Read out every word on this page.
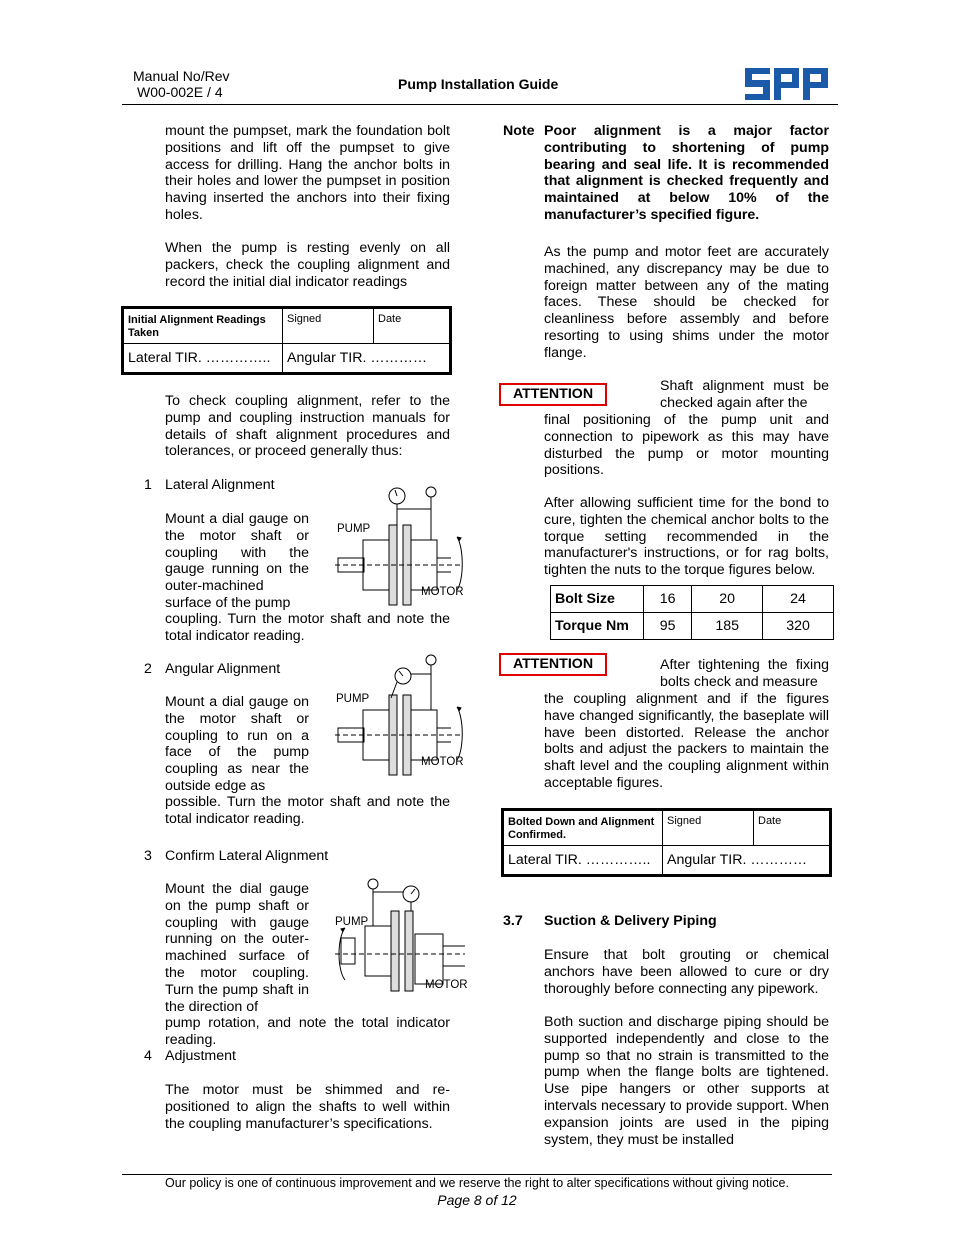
Manual No/Rev
W00-002E / 4	Pump Installation Guide

mount the pumpset, mark the foundation bolt positions and lift off the pumpset to give access for drilling. Hang the anchor bolts in their holes and lower the pumpset in position having inserted the anchors into their fixing holes.

When the pump is resting evenly on all packers, check the coupling alignment and record the initial dial indicator readings

Initial Alignment Readings Taken	Signed	Date
Lateral TIR. …………..	Angular TIR. …………	

To check coupling alignment, refer to the pump and coupling instruction manuals for details of shaft alignment procedures and tolerances, or proceed generally thus:

1 Lateral Alignment

Mount a dial gauge on the motor shaft or coupling with the gauge running on the outer-machined surface of the pump

coupling. Turn the motor shaft and note the total indicator reading.

PUMP
MOTOR
2 Angular Alignment

Mount a dial gauge on the motor shaft or coupling to run on a face of the pump coupling as near the outside edge as

possible. Turn the motor shaft and note the total indicator reading.

PUMP
MOTOR
3 Confirm Lateral Alignment

Mount the dial gauge on the pump shaft or coupling with gauge running on the outer-machined surface of the motor coupling. Turn the pump shaft in the direction of

pump rotation, and note the total indicator reading.

PUMP
MOTOR
4 Adjustment

The motor must be shimmed and re-positioned to align the shafts to well within the coupling manufacturer’s specifications.

Note Poor alignment is a major factor contributing to shortening of pump bearing and seal life. It is recommended that alignment is checked frequently and maintained at below 10% of the manufacturer’s specified figure.

As the pump and motor feet are accurately machined, any discrepancy may be due to foreign matter between any of the mating faces. These should be checked for cleanliness before assembly and before resorting to using shims under the motor flange.

ATTENTION	Shaft alignment must be checked again after the

final positioning of the pump unit and connection to pipework as this may have disturbed the pump or motor mounting positions.

After allowing sufficient time for the bond to cure, tighten the chemical anchor bolts to the torque setting recommended in the manufacturer's instructions, or for rag bolts, tighten the nuts to the torque figures below.

Bolt Size	16	20	24
Torque Nm	95	185	320
ATTENTION	After tightening the fixing bolts check and measure

the coupling alignment and if the figures have changed significantly, the baseplate will have been distorted. Release the anchor bolts and adjust the packers to maintain the shaft level and the coupling alignment within acceptable figures.

Bolted Down and Alignment Confirmed.	Signed	Date
Lateral TIR. …………..	Angular TIR. …………	
3.7 Suction & Delivery Piping

Ensure that bolt grouting or chemical anchors have been allowed to cure or dry thoroughly before connecting any pipework.

Both suction and discharge piping should be supported independently and close to the pump so that no strain is transmitted to the pump when the flange bolts are tightened. Use pipe hangers or other supports at intervals necessary to provide support. When expansion joints are used in the piping system, they must be installed

Our policy is one of continuous improvement and we reserve the right to alter specifications without giving notice.
Page 8 of 12
